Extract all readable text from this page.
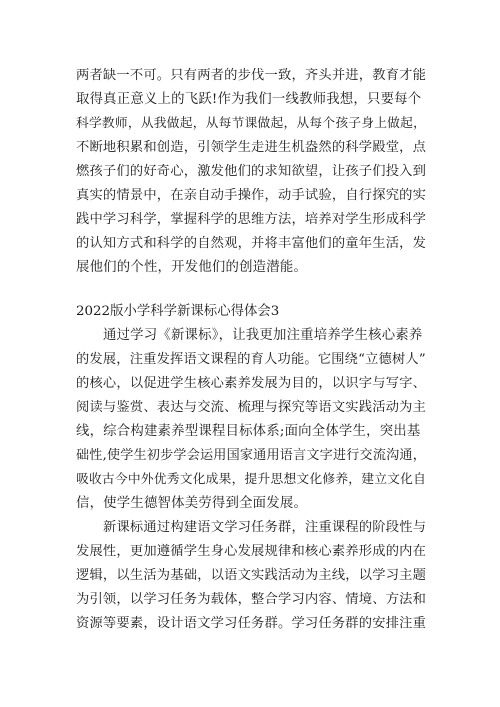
两者缺一不可。只有两者的步伐一致，齐头并进，教育才能
取得真正意义上的飞跃!作为我们一线教师我想，只要每个
科学教师，从我做起，从每节课做起，从每个孩子身上做起，
不断地积累和创造，引领学生走进生机盎然的科学殿堂，点
燃孩子们的好奇心，激发他们的求知欲望，让孩子们投入到
真实的情景中，在亲自动手操作，动手试验，自行探究的实
践中学习科学，掌握科学的思维方法，培养对学生形成科学
的认知方式和科学的自然观，并将丰富他们的童年生活，发
展他们的个性，开发他们的创造潜能。
2022版小学科学新课标心得体会3
通过学习《新课标》，让我更加注重培养学生核心素养
的发展，注重发挥语文课程的育人功能。它围绕“立德树人”
的核心，以促进学生核心素养发展为目的，以识字与写字、
阅读与鉴赏、表达与交流、梳理与探究等语文实践活动为主
线，综合构建素养型课程目标体系;面向全体学生，突出基
础性,使学生初步学会运用国家通用语言文字进行交流沟通，
吸收古今中外优秀文化成果，提升思想文化修养，建立文化自
信，使学生德智体美劳得到全面发展。
新课标通过构建语文学习任务群，注重课程的阶段性与
发展性，更加遵循学生身心发展规律和核心素养形成的内在
逻辑，以生活为基础，以语文实践活动为主线，以学习主题
为引领，以学习任务为载体，整合学习内容、情境、方法和
资源等要素，设计语文学习任务群。学习任务群的安排注重
